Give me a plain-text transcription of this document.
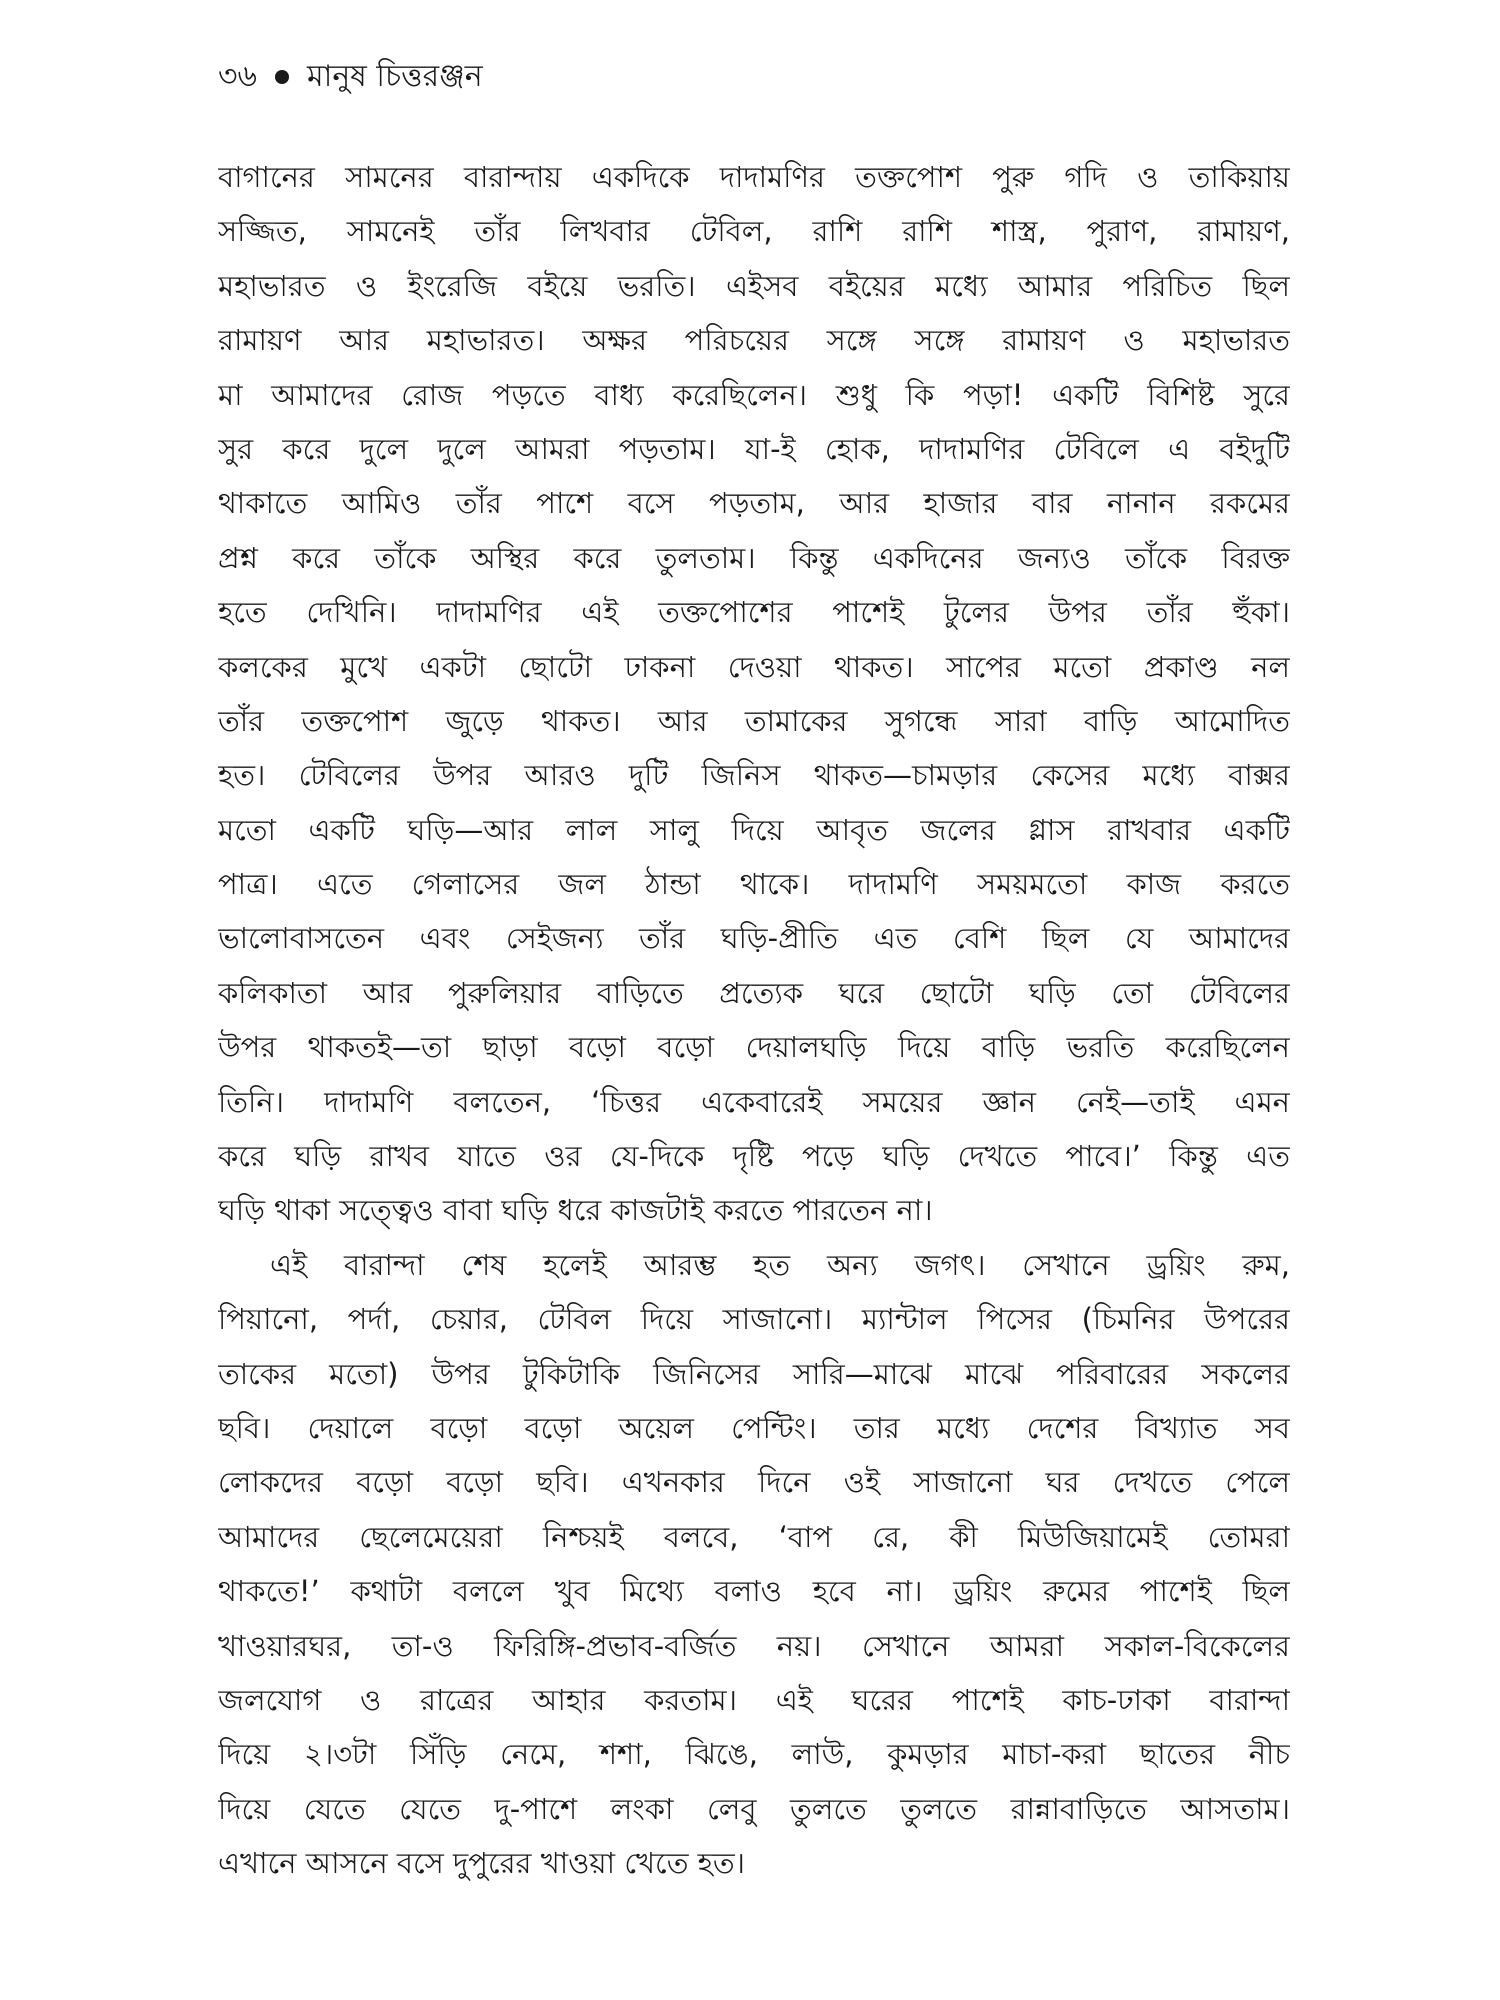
৩৬ মানুষ চিত্তরঞ্জন
বাগানের সামনের বারান্দায় একদিকে দাদামণির তক্তপোশ পুরু গদি ও তাকিয়ায়
সজ্জিত, সামনেই তাঁর লিখবার টেবিল, রাশি রাশি শাস্ত্র, পুরাণ, রামায়ণ,
মহাভারত ও ইংরেজি বইয়ে ভরতি। এইসব বইয়ের মধ্যে আমার পরিচিত ছিল
রামায়ণ আর মহাভারত। অক্ষর পরিচয়ের সঙ্গে সঙ্গে রামায়ণ ও মহাভারত
মা আমাদের রোজ পড়তে বাধ্য করেছিলেন। শুধু কি পড়া! একটি বিশিষ্ট সুরে
সুর করে দুলে দুলে আমরা পড়তাম। যা-ই হোক, দাদামণির টেবিলে এ বইদুটি
থাকাতে আমিও তাঁর পাশে বসে পড়তাম, আর হাজার বার নানান রকমের
প্রশ্ন করে তাঁকে অস্থির করে তুলতাম। কিন্তু একদিনের জন্যও তাঁকে বিরক্ত
হতে দেখিনি। দাদামণির এই তক্তপোশের পাশেই টুলের উপর তাঁর হুঁকা।
কলকের মুখে একটা ছোটো ঢাকনা দেওয়া থাকত। সাপের মতো প্রকাণ্ড নল
তাঁর তক্তপোশ জুড়ে থাকত। আর তামাকের সুগন্ধে সারা বাড়ি আমোদিত
হত। টেবিলের উপর আরও দুটি জিনিস থাকত—চামড়ার কেসের মধ্যে বাক্সর
মতো একটি ঘড়ি—আর লাল সালু দিয়ে আবৃত জলের গ্লাস রাখবার একটি
পাত্র। এতে গেলাসের জল ঠান্ডা থাকে। দাদামণি সময়মতো কাজ করতে
ভালোবাসতেন এবং সেইজন্য তাঁর ঘড়ি-প্রীতি এত বেশি ছিল যে আমাদের
কলিকাতা আর পুরুলিয়ার বাড়িতে প্রত্যেক ঘরে ছোটো ঘড়ি তো টেবিলের
উপর থাকতই—তা ছাড়া বড়ো বড়ো দেয়ালঘড়ি দিয়ে বাড়ি ভরতি করেছিলেন
তিনি। দাদামণি বলতেন, ‘চিত্তর একেবারেই সময়ের জ্ঞান নেই—তাই এমন
করে ঘড়ি রাখব যাতে ওর যে-দিকে দৃষ্টি পড়ে ঘড়ি দেখতে পাবে।’ কিন্তু এত
ঘড়ি থাকা সত্ত্বেও বাবা ঘড়ি ধরে কাজটাই করতে পারতেন না।
এই বারান্দা শেষ হলেই আরম্ভ হত অন্য জগৎ। সেখানে ড্রয়িং রুম,
পিয়ানো, পর্দা, চেয়ার, টেবিল দিয়ে সাজানো। ম্যান্টাল পিসের (চিমনির উপরের
তাকের মতো) উপর টুকিটাকি জিনিসের সারি—মাঝে মাঝে পরিবারের সকলের
ছবি। দেয়ালে বড়ো বড়ো অয়েল পেন্টিং। তার মধ্যে দেশের বিখ্যাত সব
লোকদের বড়ো বড়ো ছবি। এখনকার দিনে ওই সাজানো ঘর দেখতে পেলে
আমাদের ছেলেমেয়েরা নিশ্চয়ই বলবে, ‘বাপ রে, কী মিউজিয়ামেই তোমরা
থাকতে!’ কথাটা বললে খুব মিথ্যে বলাও হবে না। ড্রয়িং রুমের পাশেই ছিল
খাওয়ারঘর, তা-ও ফিরিঙ্গি-প্রভাব-বর্জিত নয়। সেখানে আমরা সকাল-বিকেলের
জলযোগ ও রাত্রের আহার করতাম। এই ঘরের পাশেই কাচ-ঢাকা বারান্দা
দিয়ে ২।৩টা সিঁড়ি নেমে, শশা, ঝিঙে, লাউ, কুমড়ার মাচা-করা ছাতের নীচ
দিয়ে যেতে যেতে দু-পাশে লংকা লেবু তুলতে তুলতে রান্নাবাড়িতে আসতাম।
এখানে আসনে বসে দুপুরের খাওয়া খেতে হত।
